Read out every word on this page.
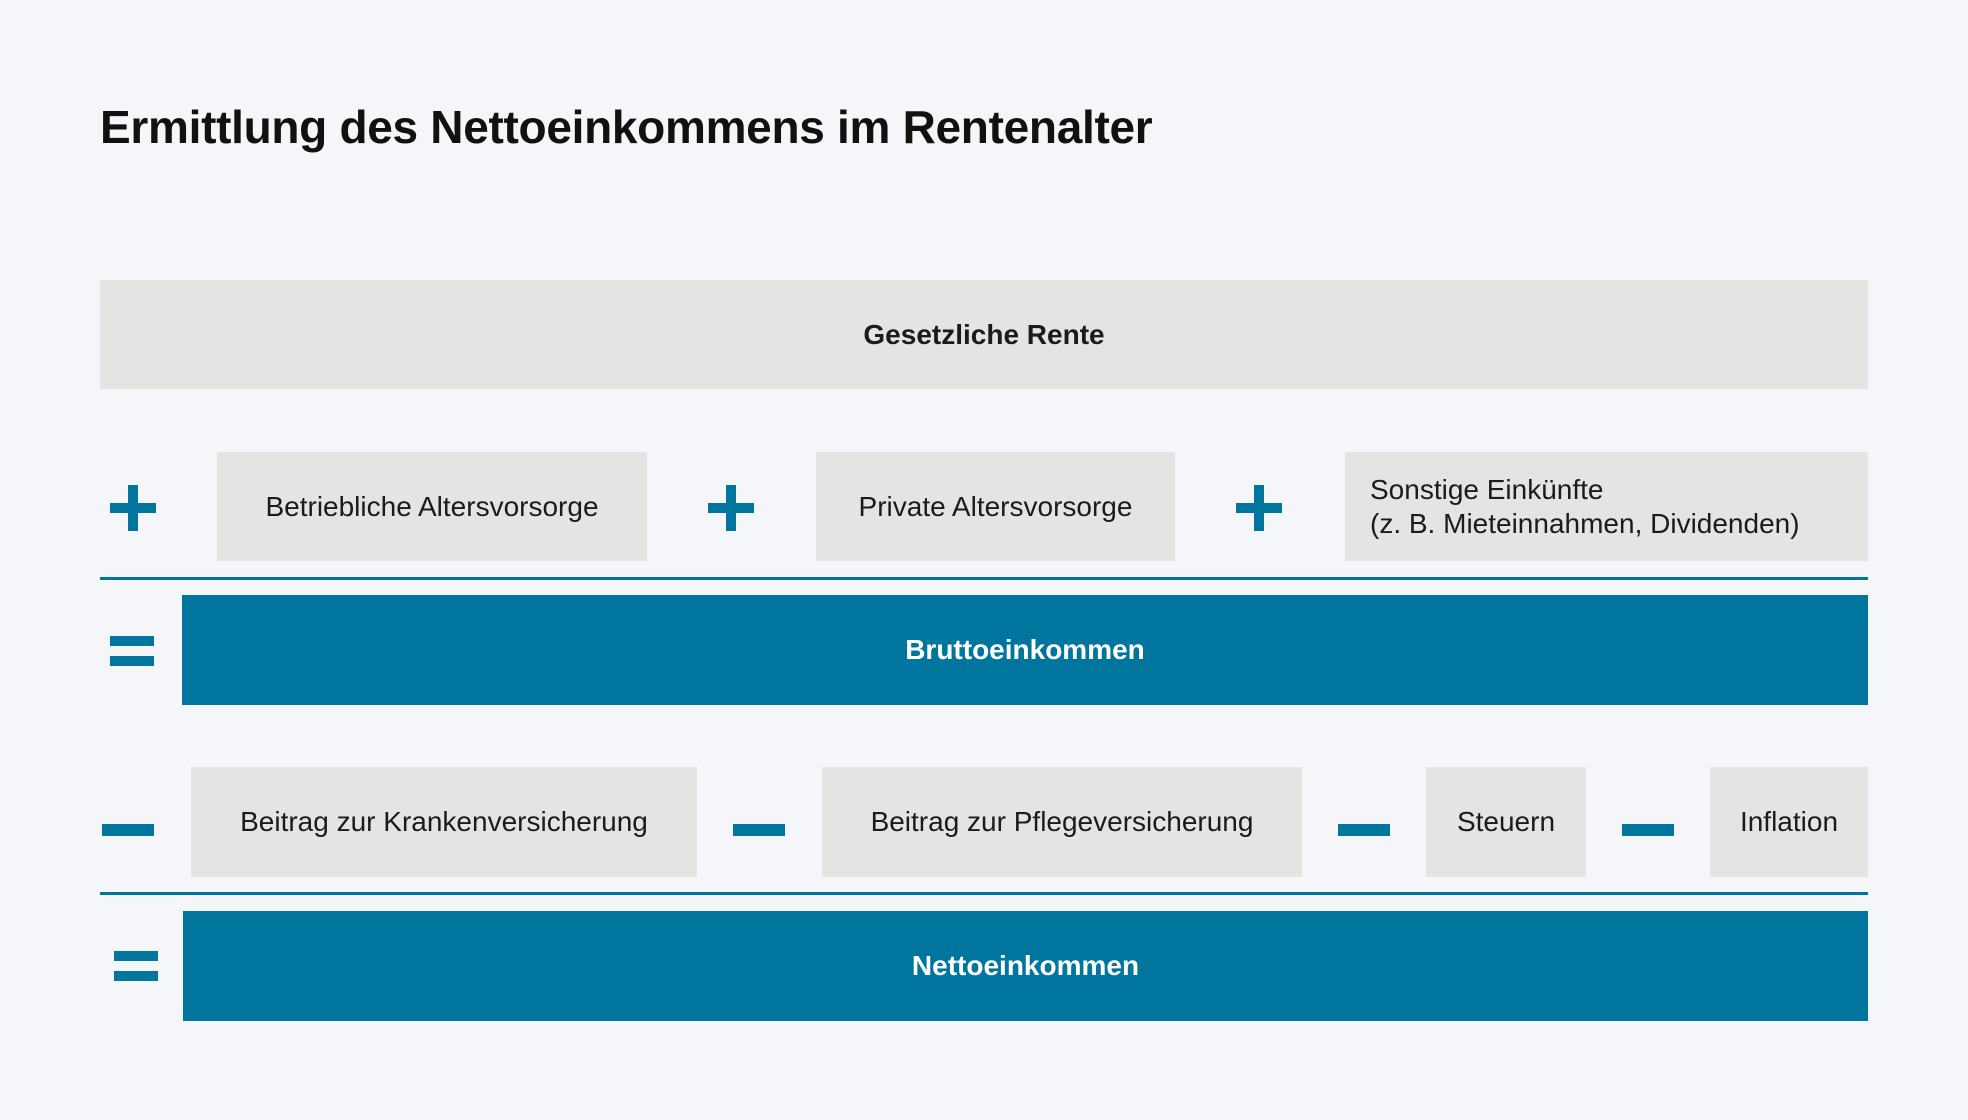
Ermittlung des Nettoeinkommens im Rentenalter
Gesetzliche Rente
Betriebliche Altersvorsorge	Private Altersvorsorge
Sonstige Einkünfte
(z. B. Mieteinnahmen, Dividenden)
Bruttoeinkommen
Beitrag zur Krankenversicherung	Beitrag zur Pflegeversicherung	Steuern	Inflation
Nettoeinkommen
